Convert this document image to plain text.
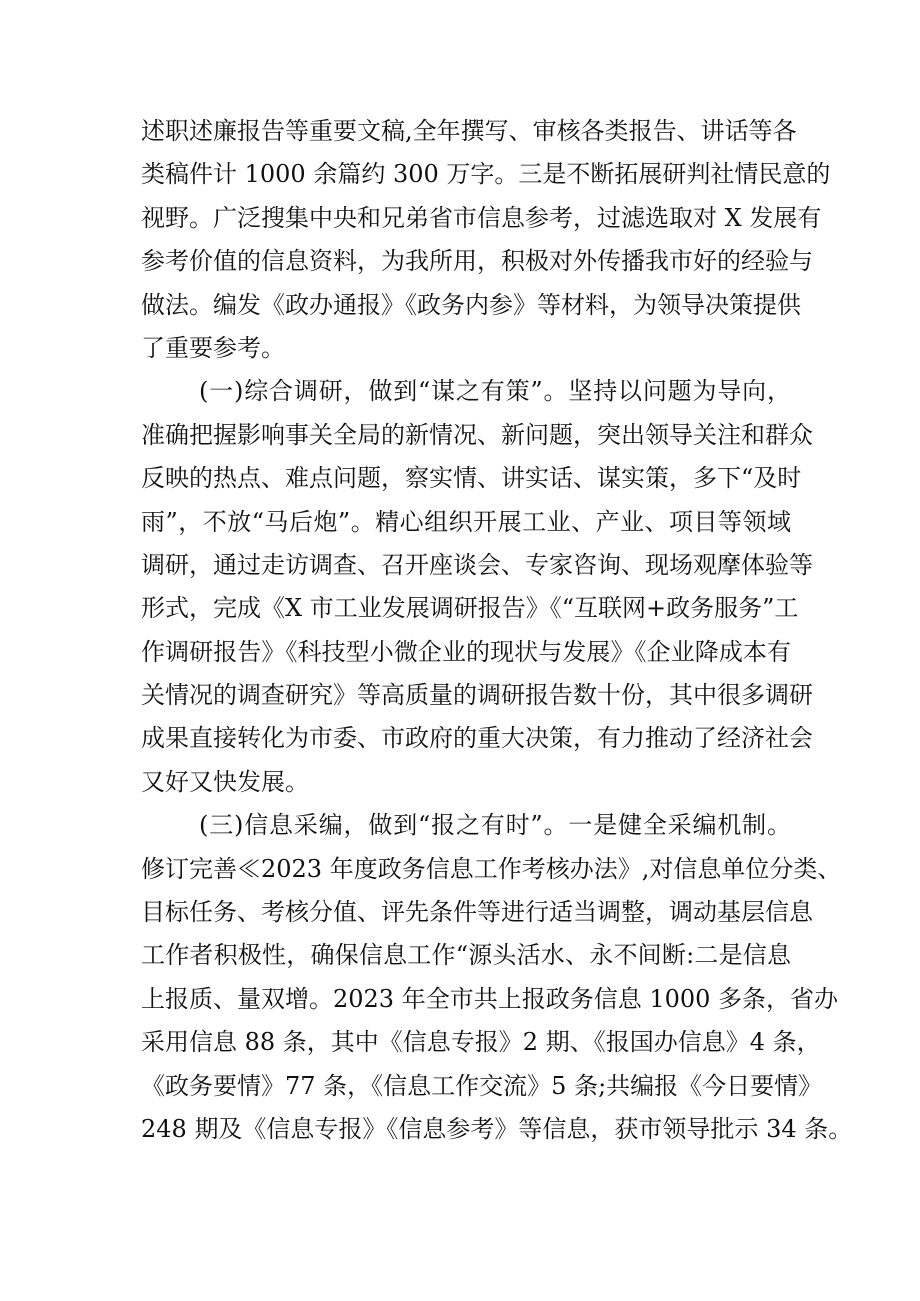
述职述廉报告等重要文稿,全年撰写、审核各类报告、讲话等各
类稿件计 1000 余篇约 300 万字。三是不断拓展研判社情民意的
视野。广泛搜集中央和兄弟省市信息参考，过滤选取对 X 发展有
参考价值的信息资料，为我所用，积极对外传播我市好的经验与
做法。编发《政办通报》《政务内参》等材料，为领导决策提供
了重要参考。
(一)综合调研，做到“谋之有策”。坚持以问题为导向，
准确把握影响事关全局的新情况、新问题，突出领导关注和群众
反映的热点、难点问题，察实情、讲实话、谋实策，多下“及时
雨”，不放“马后炮”。精心组织开展工业、产业、项目等领域
调研，通过走访调查、召开座谈会、专家咨询、现场观摩体验等
形式，完成《X 市工业发展调研报告》《“互联网+政务服务”工
作调研报告》《科技型小微企业的现状与发展》《企业降成本有
关情况的调查研究》等高质量的调研报告数十份，其中很多调研
成果直接转化为市委、市政府的重大决策，有力推动了经济社会
又好又快发展。
(三)信息采编，做到“报之有时”。一是健全采编机制。
修订完善≪2023 年度政务信息工作考核办法》,对信息单位分类、
目标任务、考核分值、评先条件等进行适当调整，调动基层信息
工作者积极性，确保信息工作“源头活水、永不间断:二是信息
上报质、量双增。2023 年全市共上报政务信息 1000 多条，省办
采用信息 88 条，其中《信息专报》2 期、《报国办信息》4 条，
《政务要情》77 条，《信息工作交流》5 条;共编报《今日要情》
248 期及《信息专报》《信息参考》等信息，获市领导批示 34 条。
